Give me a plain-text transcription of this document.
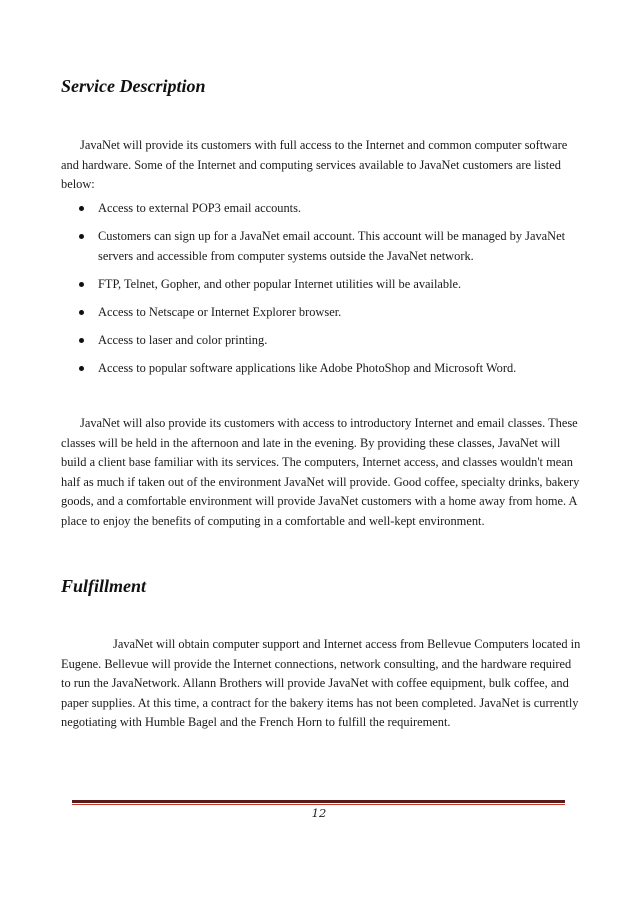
Service Description

JavaNet will provide its customers with full access to the Internet and common computer software and hardware. Some of the Internet and computing services available to JavaNet customers are listed below:

Access to external POP3 email accounts.
Customers can sign up for a JavaNet email account. This account will be managed by JavaNet servers and accessible from computer systems outside the JavaNet network.
FTP, Telnet, Gopher, and other popular Internet utilities will be available.
Access to Netscape or Internet Explorer browser.
Access to laser and color printing.
Access to popular software applications like Adobe PhotoShop and Microsoft Word.

JavaNet will also provide its customers with access to introductory Internet and email classes. These classes will be held in the afternoon and late in the evening. By providing these classes, JavaNet will build a client base familiar with its services. The computers, Internet access, and classes wouldn't mean half as much if taken out of the environment JavaNet will provide. Good coffee, specialty drinks, bakery goods, and a comfortable environment will provide JavaNet customers with a home away from home. A place to enjoy the benefits of computing in a comfortable and well-kept environment.

Fulfillment

JavaNet will obtain computer support and Internet access from Bellevue Computers located in Eugene. Bellevue will provide the Internet connections, network consulting, and the hardware required to run the JavaNetwork. Allann Brothers will provide JavaNet with coffee equipment, bulk coffee, and paper supplies. At this time, a contract for the bakery items has not been completed. JavaNet is currently negotiating with Humble Bagel and the French Horn to fulfill the requirement.

12
